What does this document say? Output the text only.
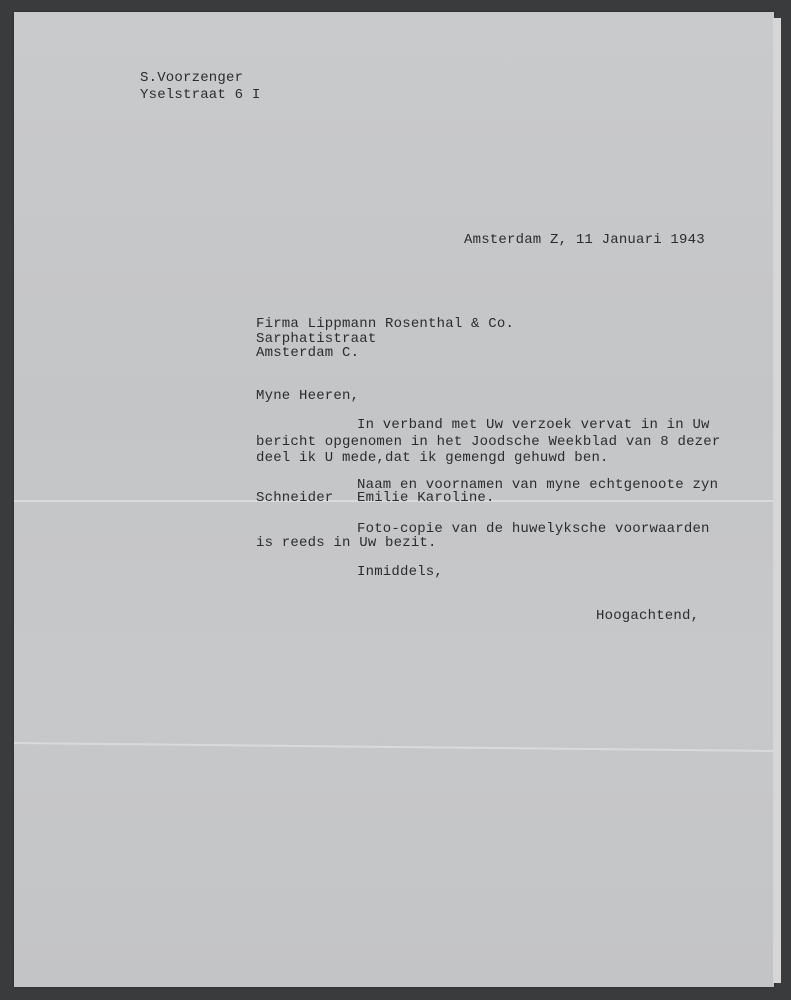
S.Voorzenger
Yselstraat 6 I
Amsterdam Z, 11 Januari 1943
Firma Lippmann Rosenthal & Co.
Sarphatistraat
Amsterdam C.
Myne Heeren,
In verband met Uw verzoek vervat in in Uw
bericht opgenomen in het Joodsche Weekblad van 8 dezer
deel ik U mede,dat ik gemengd gehuwd ben.
Naam en voornamen van myne echtgenoote zyn
Schneider Emilie Karoline.
Foto-copie van de huwelyksche voorwaarden
is reeds in Uw bezit.
Inmiddels,
Hoogachtend,
